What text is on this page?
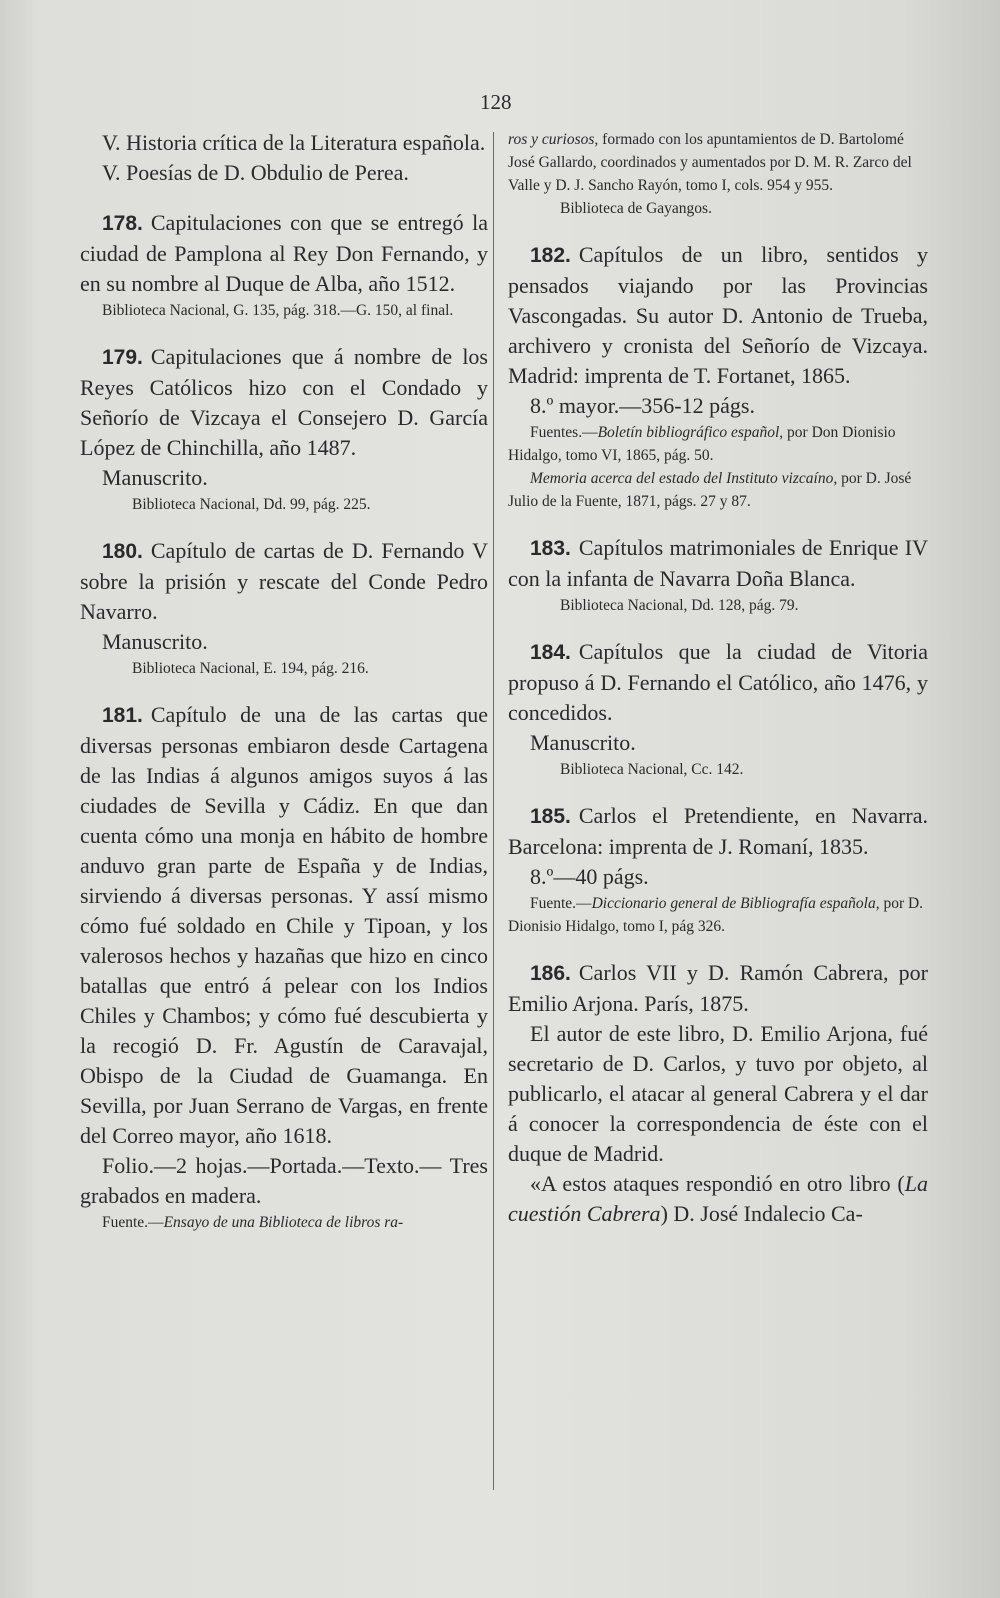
128

V. Historia crítica de la Literatura española.

V. Poesías de D. Obdulio de Perea.

178. Capitulaciones con que se entregó la ciudad de Pamplona al Rey Don Fernando, y en su nombre al Duque de Alba, año 1512.

Biblioteca Nacional, G. 135, pág. 318.—G. 150, al final.

179. Capitulaciones que á nombre de los Reyes Católicos hizo con el Condado y Señorío de Vizcaya el Consejero D. García López de Chinchilla, año 1487.

Manuscrito.

Biblioteca Nacional, Dd. 99, pág. 225.

180. Capítulo de cartas de D. Fernando V sobre la prisión y rescate del Conde Pedro Navarro.

Manuscrito.

Biblioteca Nacional, E. 194, pág. 216.

181. Capítulo de una de las cartas que diversas personas embiaron desde Cartagena de las Indias á algunos amigos suyos á las ciudades de Sevilla y Cádiz. En que dan cuenta cómo una monja en hábito de hombre anduvo gran parte de España y de Indias, sirviendo á diversas personas. Y assí mismo cómo fué soldado en Chile y Tipoan, y los valerosos hechos y hazañas que hizo en cinco batallas que entró á pelear con los Indios Chiles y Chambos; y cómo fué descubierta y la recogió D. Fr. Agustín de Caravajal, Obispo de la Ciudad de Guamanga. En Sevilla, por Juan Serrano de Vargas, en frente del Correo mayor, año 1618.

Folio.—2 hojas.—Portada.—Texto.— Tres grabados en madera.

Fuente.—Ensayo de una Biblioteca de libros ra-

ros y curiosos, formado con los apuntamientos de D. Bartolomé José Gallardo, coordinados y aumentados por D. M. R. Zarco del Valle y D. J. Sancho Rayón, tomo I, cols. 954 y 955.

Biblioteca de Gayangos.

182. Capítulos de un libro, sentidos y pensados viajando por las Provincias Vascongadas. Su autor D. Antonio de Trueba, archivero y cronista del Señorío de Vizcaya. Madrid: imprenta de T. Fortanet, 1865.

8.º mayor.—356-12 págs.

Fuentes.—Boletín bibliográfico español, por Don Dionisio Hidalgo, tomo VI, 1865, pág. 50.

Memoria acerca del estado del Instituto vizcaíno, por D. José Julio de la Fuente, 1871, págs. 27 y 87.

183. Capítulos matrimoniales de Enrique IV con la infanta de Navarra Doña Blanca.

Biblioteca Nacional, Dd. 128, pág. 79.

184. Capítulos que la ciudad de Vitoria propuso á D. Fernando el Católico, año 1476, y concedidos.

Manuscrito.

Biblioteca Nacional, Cc. 142.

185. Carlos el Pretendiente, en Navarra. Barcelona: imprenta de J. Romaní, 1835.

8.º—40 págs.

Fuente.—Diccionario general de Bibliografía española, por D. Dionisio Hidalgo, tomo I, pág 326.

186. Carlos VII y D. Ramón Cabrera, por Emilio Arjona. París, 1875.

El autor de este libro, D. Emilio Arjona, fué secretario de D. Carlos, y tuvo por objeto, al publicarlo, el atacar al general Cabrera y el dar á conocer la correspondencia de éste con el duque de Madrid.

«A estos ataques respondió en otro libro (La cuestión Cabrera) D. José Indalecio Ca-
